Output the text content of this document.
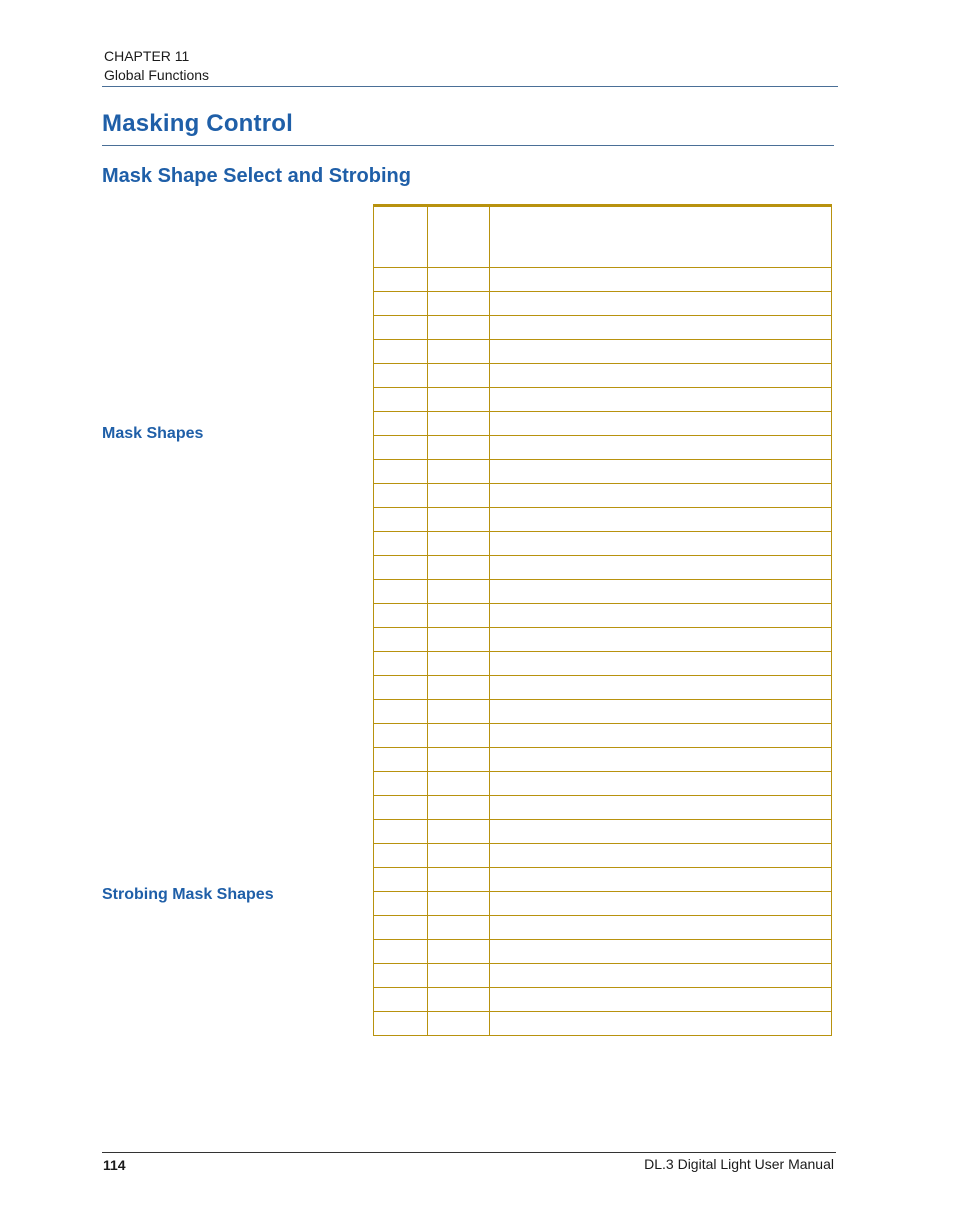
CHAPTER 11
Global Functions
Masking Control
Mask Shape Select and Strobing
Mask Shapes
Strobing Mask Shapes

114	DL.3 Digital Light User Manual
